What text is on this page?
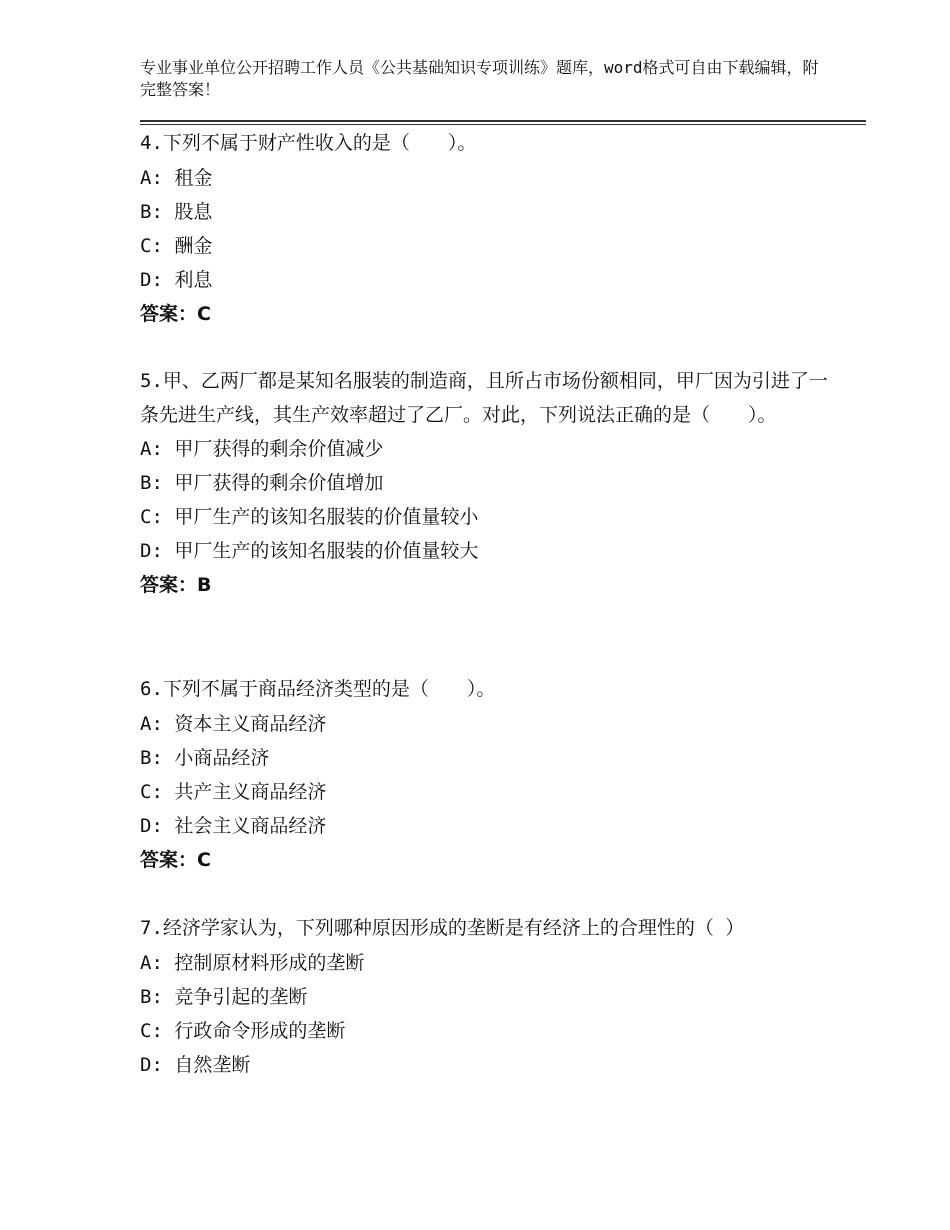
专业事业单位公开招聘工作人员《公共基础知识专项训练》题库，word格式可自由下载编辑，附完整答案！
4.下列不属于财产性收入的是（　　）。
A: 租金
B: 股息
C: 酬金
D: 利息
答案：C
5.甲、乙两厂都是某知名服装的制造商，且所占市场份额相同，甲厂因为引进了一条先进生产线，其生产效率超过了乙厂。对此，下列说法正确的是（　　）。
A: 甲厂获得的剩余价值减少
B: 甲厂获得的剩余价值增加
C: 甲厂生产的该知名服装的价值量较小
D: 甲厂生产的该知名服装的价值量较大
答案：B
6.下列不属于商品经济类型的是（　　）。
A: 资本主义商品经济
B: 小商品经济
C: 共产主义商品经济
D: 社会主义商品经济
答案：C
7.经济学家认为，下列哪种原因形成的垄断是有经济上的合理性的（ ）
A: 控制原材料形成的垄断
B: 竞争引起的垄断
C: 行政命令形成的垄断
D: 自然垄断
